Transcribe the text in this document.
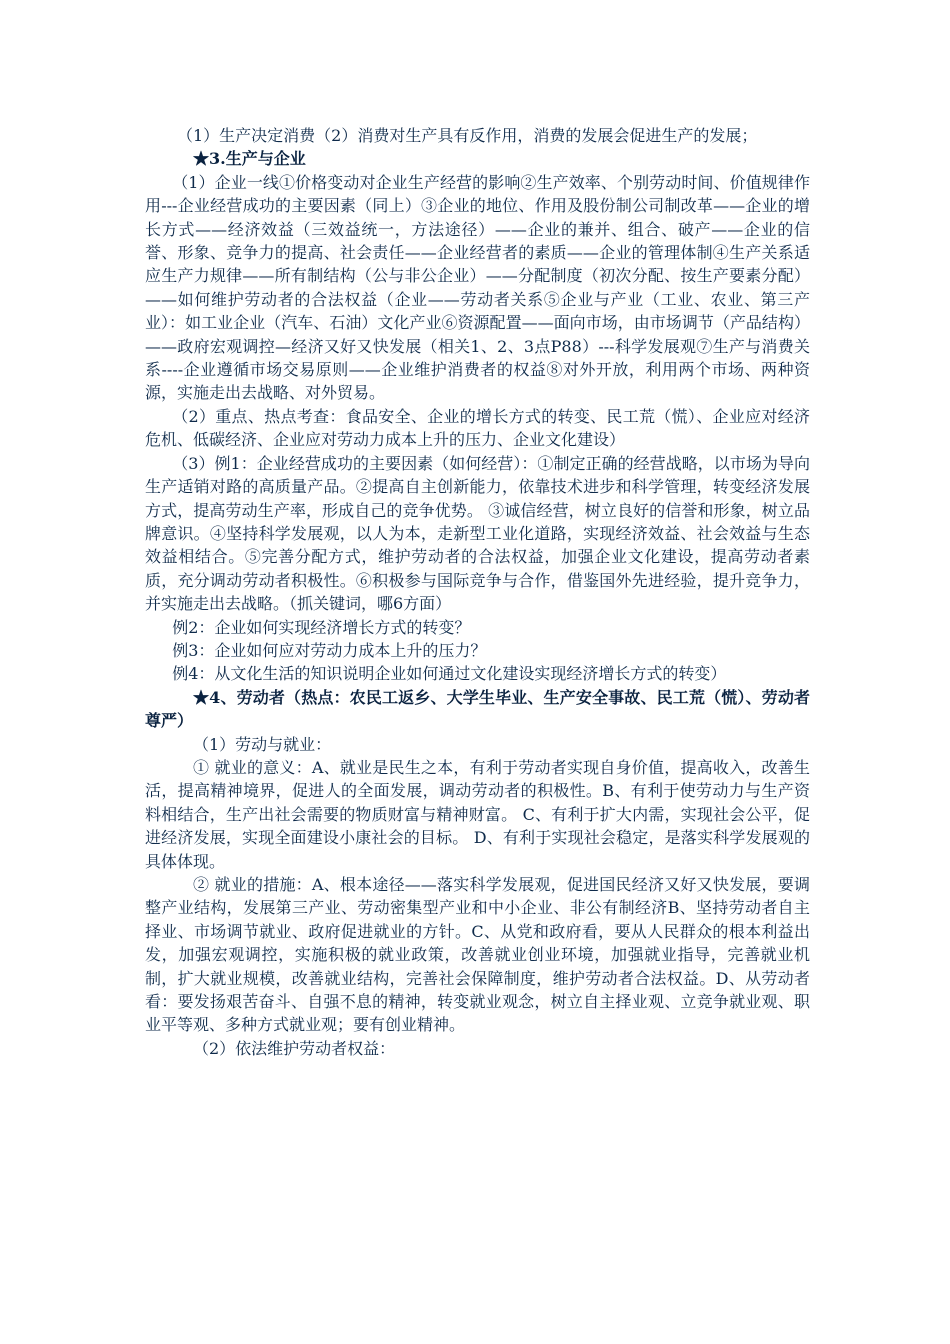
（1）生产决定消费（2）消费对生产具有反作用，消费的发展会促进生产的发展；

★3.生产与企业

（1）企业一线①价格变动对企业生产经营的影响②生产效率、个别劳动时间、价值规律作用---企业经营成功的主要因素（同上）③企业的地位、作用及股份制公司制改革——企业的增长方式——经济效益（三效益统一，方法途径）——企业的兼并、组合、破产——企业的信誉、形象、竞争力的提高、社会责任——企业经营者的素质——企业的管理体制④生产关系适应生产力规律——所有制结构（公与非公企业）——分配制度（初次分配、按生产要素分配）——如何维护劳动者的合法权益（企业——劳动者关系⑤企业与产业（工业、农业、第三产业）：如工业企业（汽车、石油）文化产业⑥资源配置——面向市场，由市场调节（产品结构）——政府宏观调控—经济又好又快发展（相关1、2、3点P88）---科学发展观⑦生产与消费关系----企业遵循市场交易原则——企业维护消费者的权益⑧对外开放，利用两个市场、两种资源，实施走出去战略、对外贸易。

（2）重点、热点考查：食品安全、企业的增长方式的转变、民工荒（慌）、企业应对经济危机、低碳经济、企业应对劳动力成本上升的压力、企业文化建设）

（3）例1：企业经营成功的主要因素（如何经营）：①制定正确的经营战略，以市场为导向生产适销对路的高质量产品。②提高自主创新能力，依靠技术进步和科学管理，转变经济发展方式，提高劳动生产率，形成自己的竞争优势。 ③诚信经营，树立良好的信誉和形象，树立品牌意识。④坚持科学发展观，以人为本，走新型工业化道路，实现经济效益、社会效益与生态效益相结合。⑤完善分配方式，维护劳动者的合法权益，加强企业文化建设，提高劳动者素质，充分调动劳动者积极性。⑥积极参与国际竞争与合作，借鉴国外先进经验，提升竞争力，并实施走出去战略。（抓关键词，哪6方面）

例2：企业如何实现经济增长方式的转变？

例3：企业如何应对劳动力成本上升的压力？

例4：从文化生活的知识说明企业如何通过文化建设实现经济增长方式的转变）

★4、劳动者（热点：农民工返乡、大学生毕业、生产安全事故、民工荒（慌）、劳动者尊严）

（1）劳动与就业：

① 就业的意义：A、就业是民生之本，有利于劳动者实现自身价值，提高收入，改善生活，提高精神境界，促进人的全面发展，调动劳动者的积极性。B、有利于使劳动力与生产资料相结合，生产出社会需要的物质财富与精神财富。 C、有利于扩大内需，实现社会公平，促进经济发展，实现全面建设小康社会的目标。 D、有利于实现社会稳定，是落实科学发展观的具体体现。

② 就业的措施：A、根本途径——落实科学发展观，促进国民经济又好又快发展，要调整产业结构，发展第三产业、劳动密集型产业和中小企业、非公有制经济B、坚持劳动者自主择业、市场调节就业、政府促进就业的方针。C、从党和政府看，要从人民群众的根本利益出发，加强宏观调控，实施积极的就业政策，改善就业创业环境，加强就业指导，完善就业机制，扩大就业规模，改善就业结构，完善社会保障制度，维护劳动者合法权益。D、从劳动者看：要发扬艰苦奋斗、自强不息的精神，转变就业观念，树立自主择业观、立竞争就业观、职业平等观、多种方式就业观；要有创业精神。

（2）依法维护劳动者权益：
